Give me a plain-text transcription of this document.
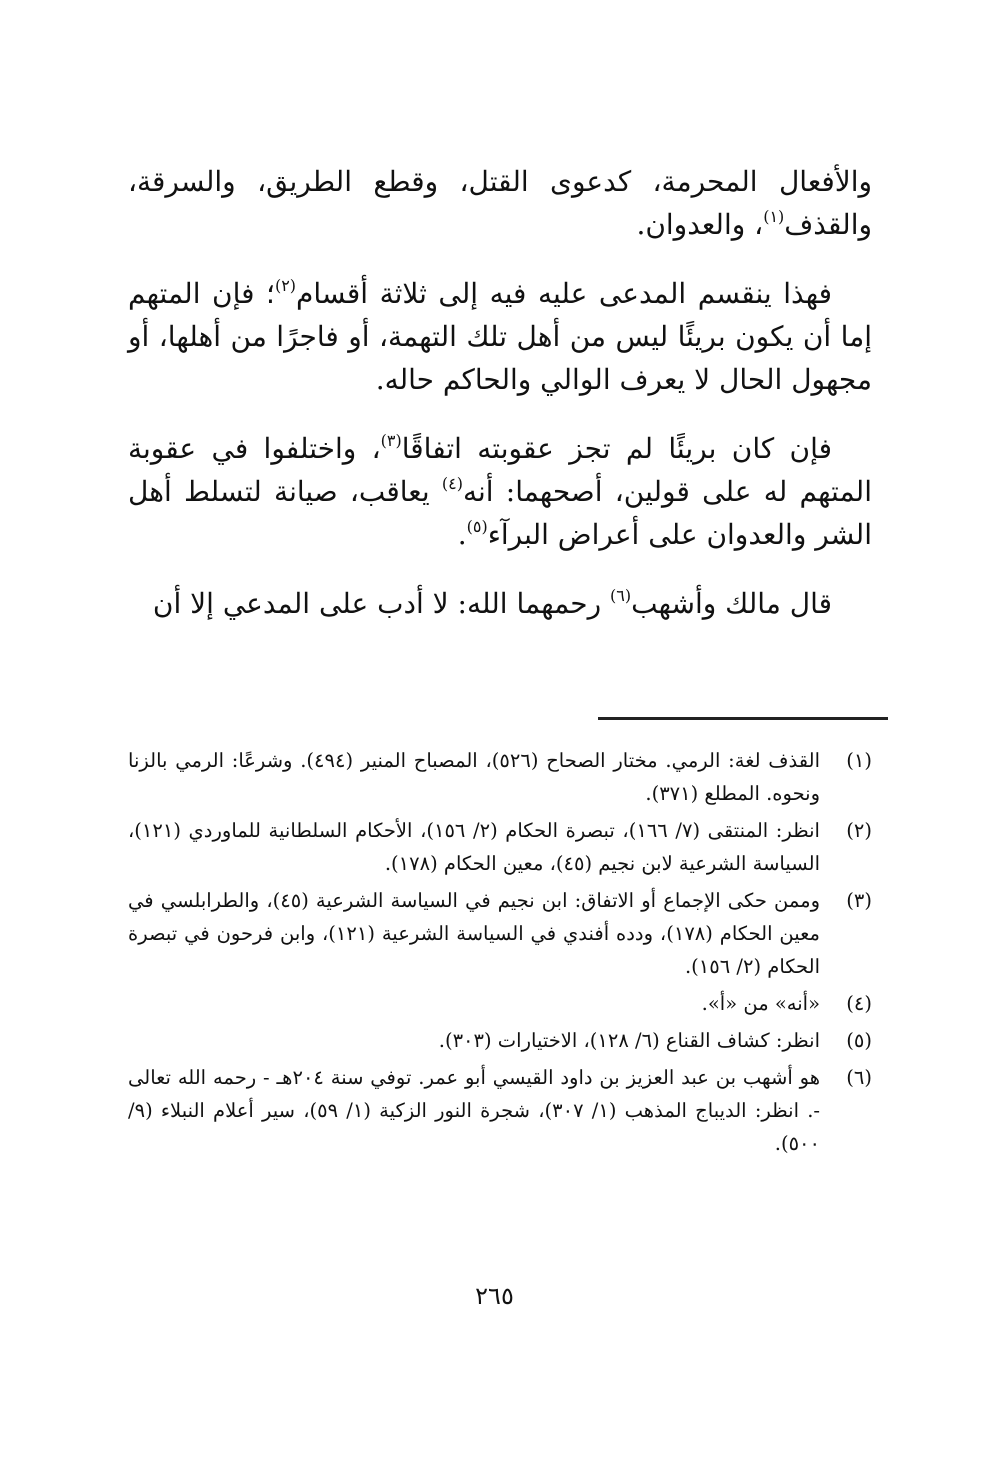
والأفعال المحرمة، كدعوى القتل، وقطع الطريق، والسرقة، والقذف$^{(١)}$، والعدوان.

فهذا ينقسم المدعى عليه فيه إلى ثلاثة أقسام$^{(٢)}$؛ فإن المتهم إما أن يكون بريئًا ليس من أهل تلك التهمة، أو فاجرًا من أهلها، أو مجهول الحال لا يعرف الوالي والحاكم حاله.

فإن كان بريئًا لم تجز عقوبته اتفاقًا$^{(٣)}$، واختلفوا في عقوبة المتهم له على قولين، أصحهما: أنه$^{(٤)}$ يعاقب، صيانة لتسلط أهل الشر والعدوان على أعراض البرآء$^{(٥)}$.

قال مالك وأشهب$^{(٦)}$ رحمهما الله: لا أدب على المدعي إلا أن

(١)
القذف لغة: الرمي. مختار الصحاح (٥٢٦)، المصباح المنير (٤٩٤). وشرعًا: الرمي بالزنا ونحوه. المطلع (٣٧١).
(٢)
انظر: المنتقى (٧/ ١٦٦)، تبصرة الحكام (٢/ ١٥٦)، الأحكام السلطانية للماوردي (١٢١)، السياسة الشرعية لابن نجيم (٤٥)، معين الحكام (١٧٨).
(٣)
وممن حكى الإجماع أو الاتفاق: ابن نجيم في السياسة الشرعية (٤٥)، والطرابلسي في معين الحكام (١٧٨)، ودده أفندي في السياسة الشرعية (١٢١)، وابن فرحون في تبصرة الحكام (٢/ ١٥٦).
(٤)
«أنه» من «أ».
(٥)
انظر: كشاف القناع (٦/ ١٢٨)، الاختيارات (٣٠٣).
(٦)
هو أشهب بن عبد العزيز بن داود القيسي أبو عمر. توفي سنة ٢٠٤هـ - رحمه الله تعالى -. انظر: الديباج المذهب (١/ ٣٠٧)، شجرة النور الزكية (١/ ٥٩)، سير أعلام النبلاء (٩/ ٥٠٠).
٢٦٥
